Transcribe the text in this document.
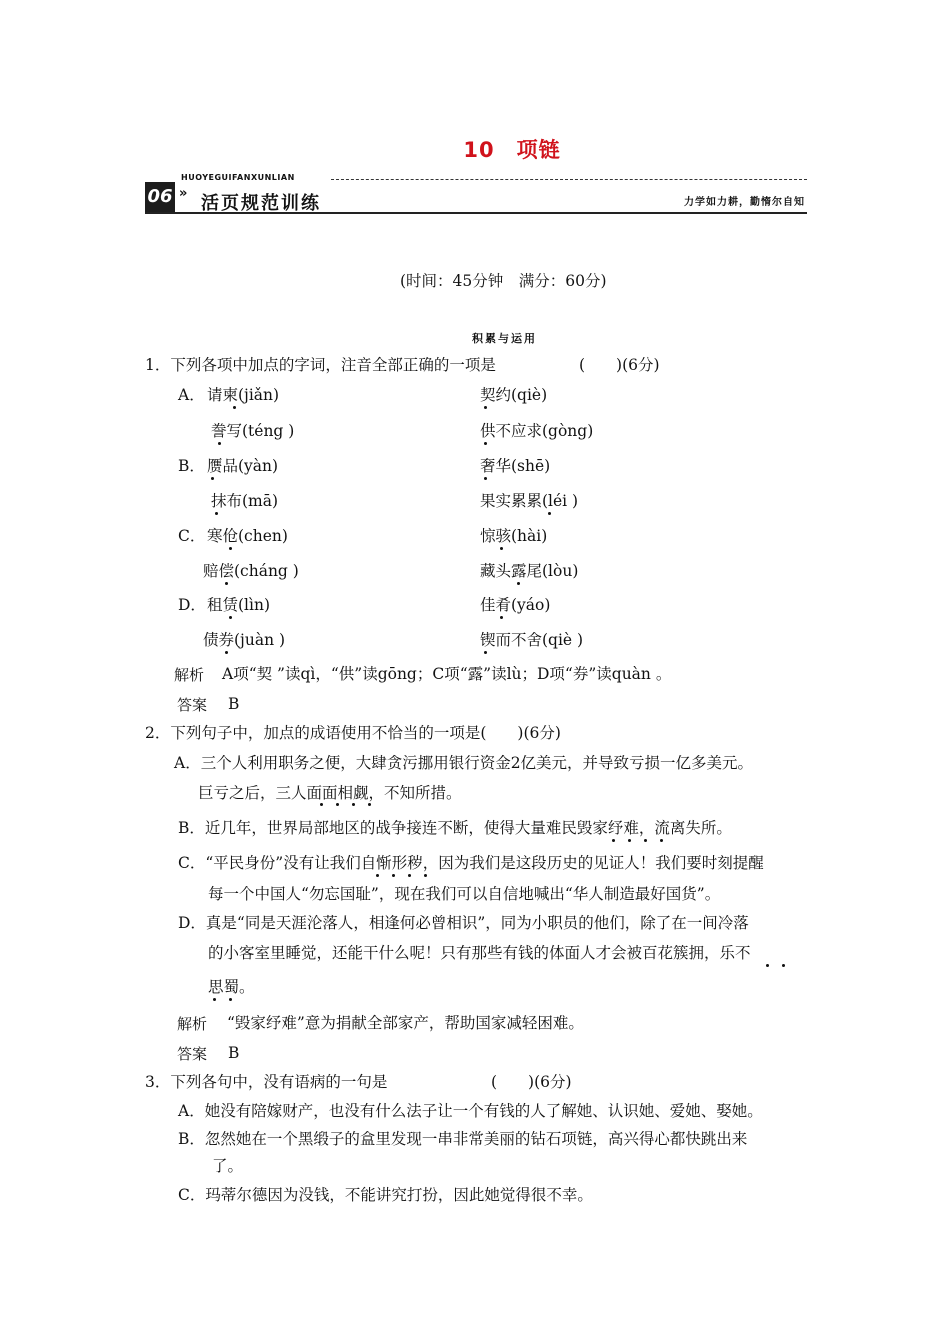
10　项链
06
HUOYEGUIFANXUNLIAN
» 活页规范训练	力学如力耕，勤惰尔自知
(时间：45分钟　满分：60分)
积累与运用
1．下列各项中加点的字词，注音全部正确的一项是	(　　)(6分)
A． 请柬(jiǎn)	契约(qiè)
誊写(téng )	供不应求(gòng)
B． 赝品(yàn)	奢华(shē)
抹布(mā)	果实累累(léi )
C． 寒伧(chen)	惊骇(hài)
赔偿(cháng )	藏头露尾(lòu)
D． 租赁(lìn)	佳肴(yáo)
债券(juàn )	锲而不舍(qiè )
解析 A项“契 ”读qì，“供”读gōng；C项“露”读lù；D项“券”读quàn 。
答案 B
2．下列句子中，加点的成语使用不恰当的一项是(　　)(6分)
A．三个人利用职务之便，大肆贪污挪用银行资金2亿美元，并导致亏损一亿多美元。
巨亏之后，三人面面相觑，不知所措。
B．近几年，世界局部地区的战争接连不断，使得大量难民毁家纾难，流离失所。
C．“平民身份”没有让我们自惭形秽，因为我们是这段历史的见证人！我们要时刻提醒
每一个中国人“勿忘国耻”，现在我们可以自信地喊出“华人制造最好国货”。
D．真是“同是天涯沦落人，相逢何必曾相识”，同为小职员的他们，除了在一间冷落
的小客室里睡觉，还能干什么呢！只有那些有钱的体面人才会被百花簇拥，乐不
思蜀。
解析 “毁家纾难”意为捐献全部家产，帮助国家减轻困难。
答案 B
3．下列各句中，没有语病的一句是	(　　)(6分)
A．她没有陪嫁财产，也没有什么法子让一个有钱的人了解她、认识她、爱她、娶她。
B．忽然她在一个黑缎子的盒里发现一串非常美丽的钻石项链，高兴得心都快跳出来
了。
C．玛蒂尔德因为没钱，不能讲究打扮，因此她觉得很不幸。
